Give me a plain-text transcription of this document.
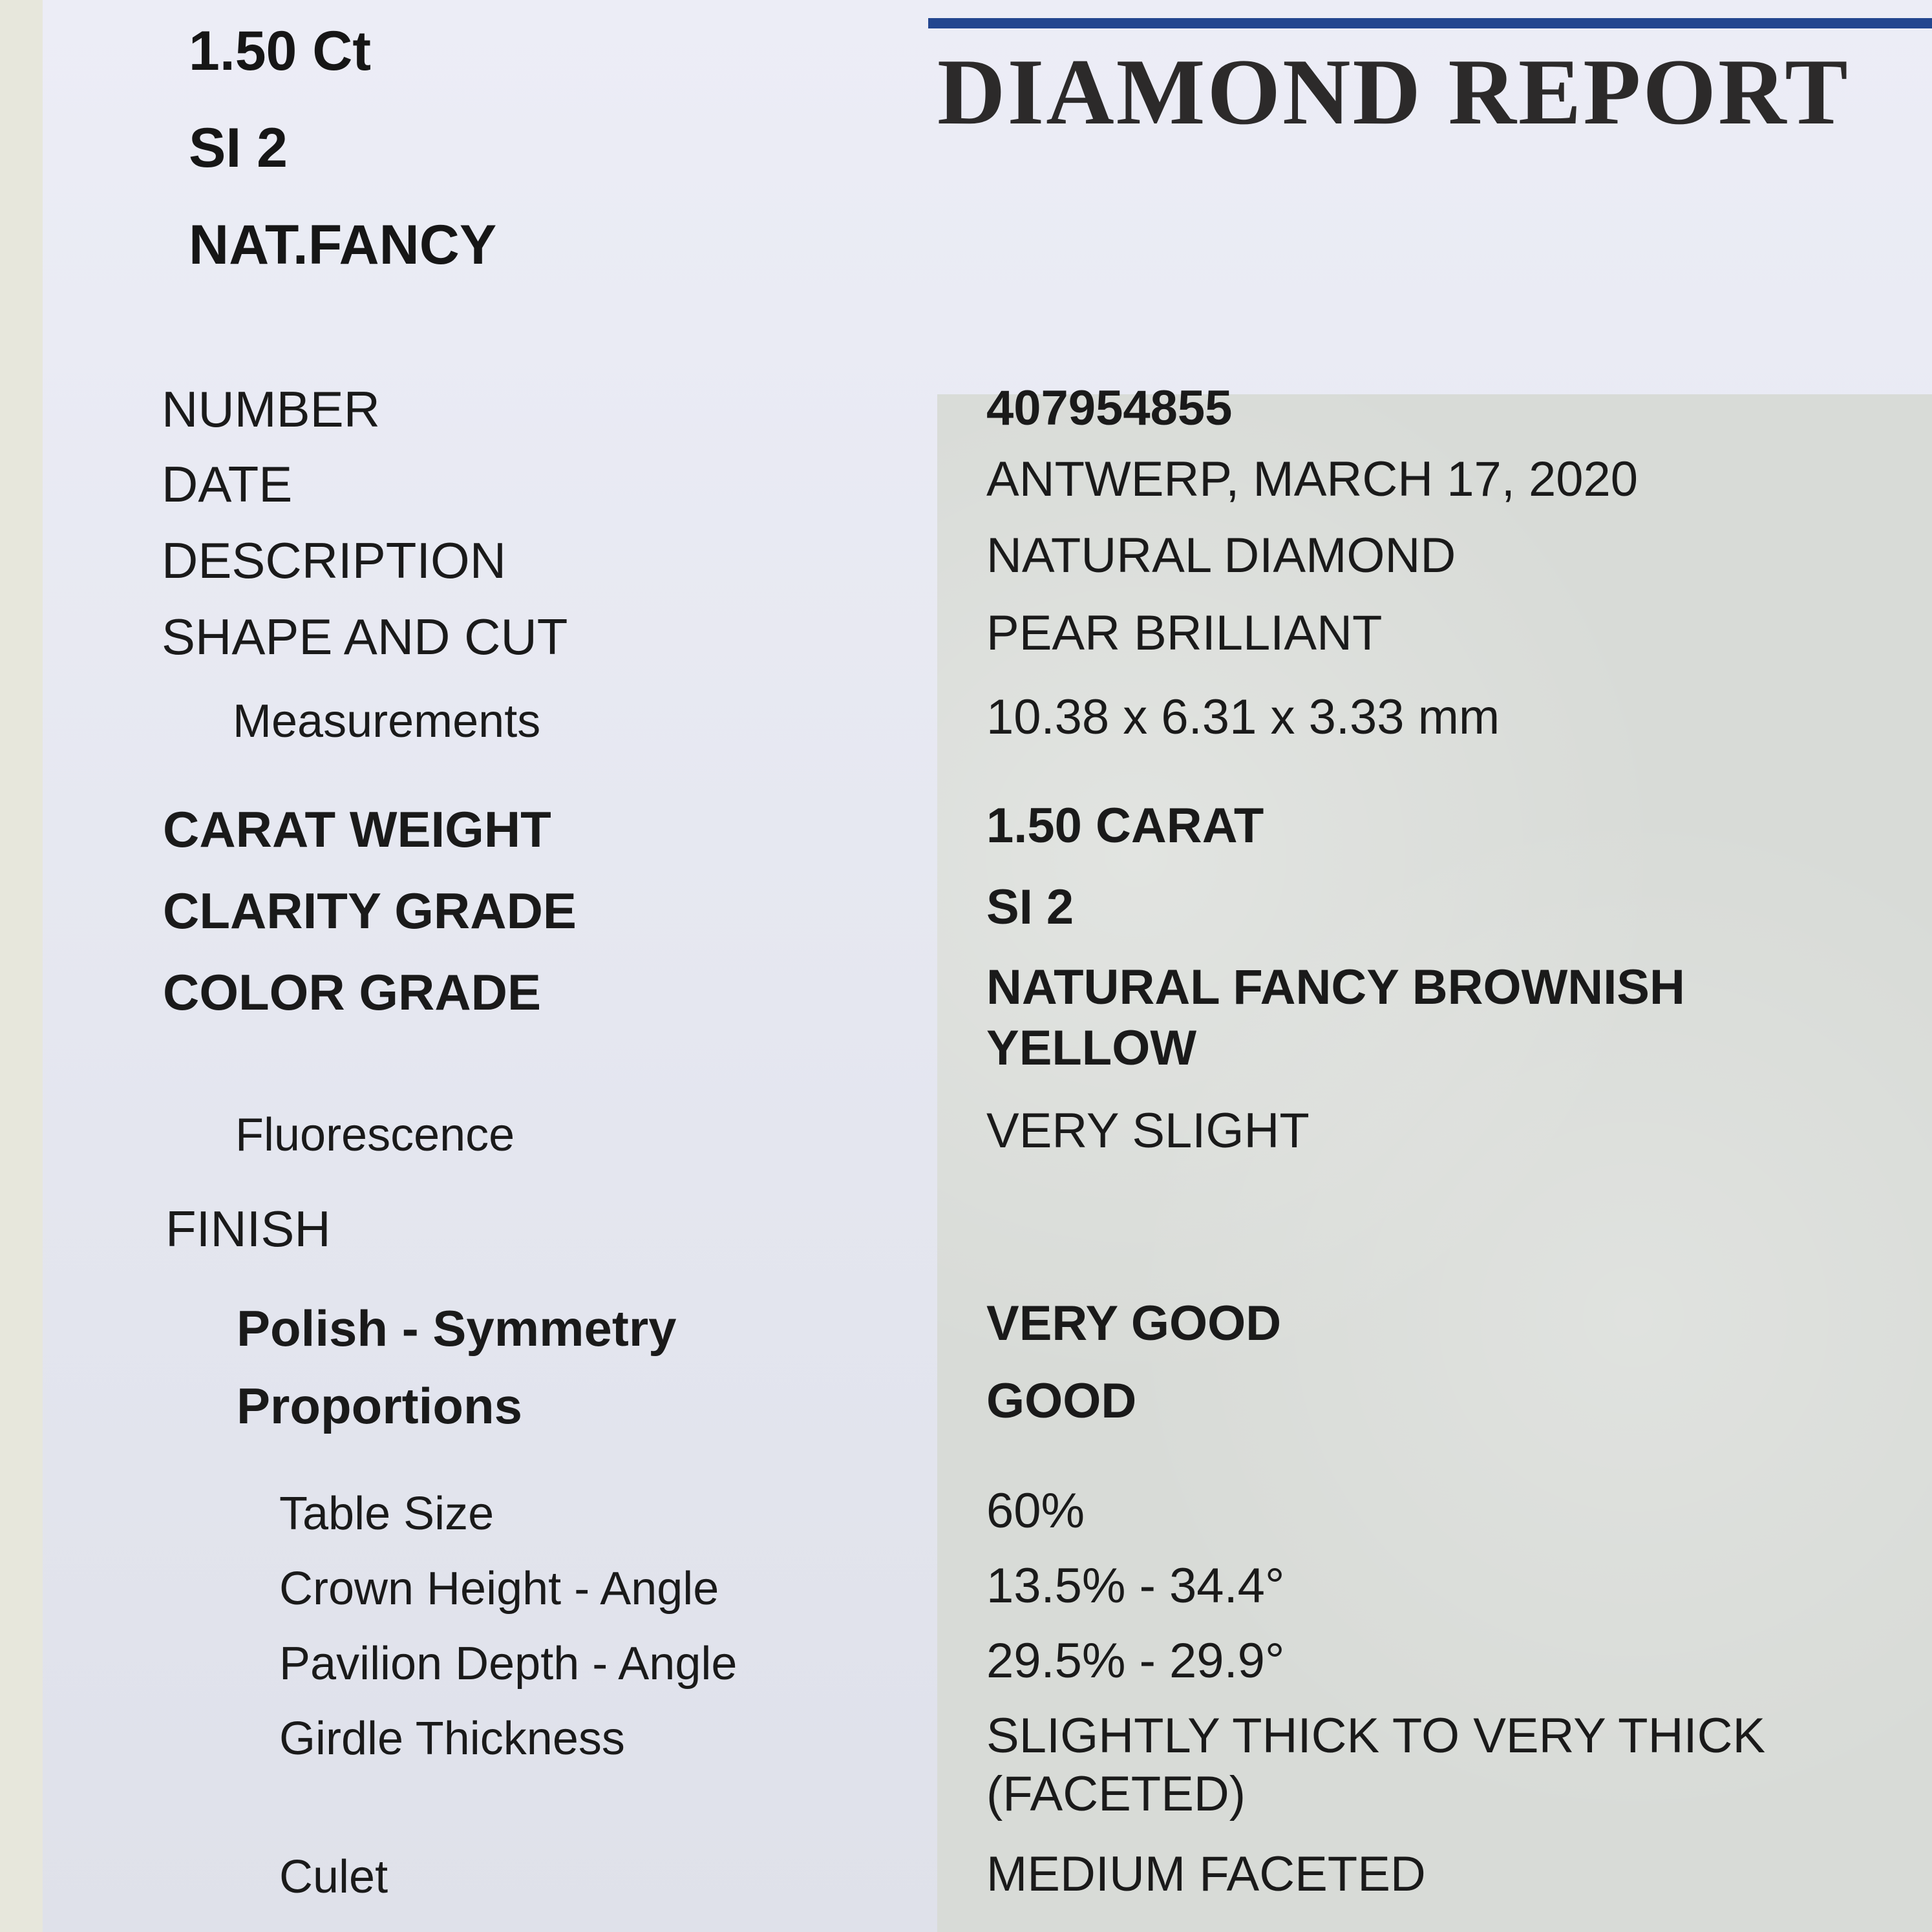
DIAMOND REPORT
1.50 Ct
SI 2
NAT.FANCY
NUMBER
DATE
DESCRIPTION
SHAPE AND CUT
Measurements
CARAT WEIGHT
CLARITY GRADE
COLOR GRADE
Fluorescence
FINISH
Polish - Symmetry
Proportions
Table Size
Crown Height - Angle
Pavilion Depth - Angle
Girdle Thickness
Culet
407954855
ANTWERP, MARCH 17, 2020
NATURAL DIAMOND
PEAR BRILLIANT
10.38 x 6.31 x 3.33 mm
1.50 CARAT
SI 2
NATURAL FANCY BROWNISH
YELLOW
VERY SLIGHT
VERY GOOD
GOOD
60%
13.5% - 34.4°
29.5% - 29.9°
SLIGHTLY THICK TO VERY THICK
(FACETED)
MEDIUM FACETED
